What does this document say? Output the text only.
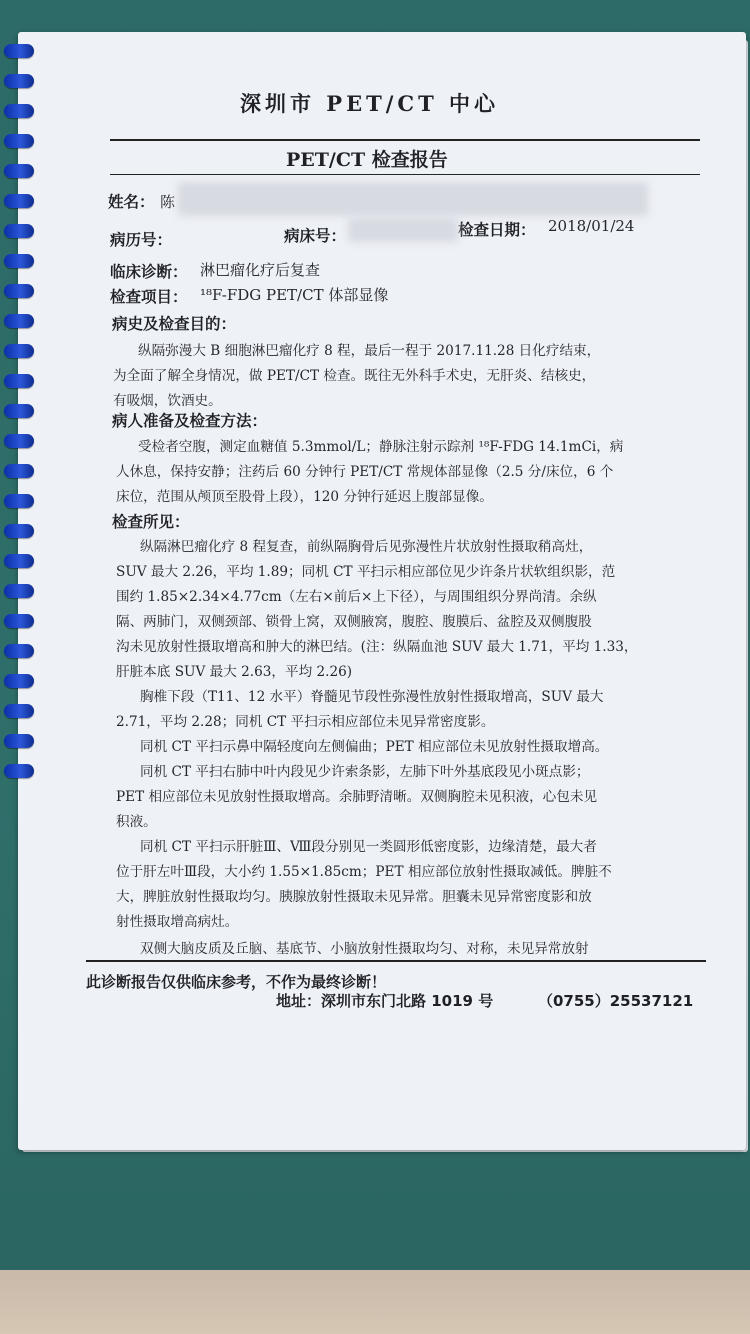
深圳市 PET/CT 中心
PET/CT 检查报告
姓名： 陈
病历号：	病床号：	检查日期： 2018/01/24
临床诊断： 淋巴瘤化疗后复查
检查项目： ¹⁸F-FDG PET/CT 体部显像
病史及检查目的：
纵隔弥漫大 B 细胞淋巴瘤化疗 8 程，最后一程于 2017.11.28 日化疗结束，
为全面了解全身情况，做 PET/CT 检查。既往无外科手术史，无肝炎、结核史，
有吸烟，饮酒史。
病人准备及检查方法：
受检者空腹，测定血糖值 5.3mmol/L；静脉注射示踪剂 ¹⁸F-FDG 14.1mCi，病
人休息，保持安静；注药后 60 分钟行 PET/CT 常规体部显像（2.5 分/床位，6 个
床位，范围从颅顶至股骨上段），120 分钟行延迟上腹部显像。
检查所见：
纵隔淋巴瘤化疗 8 程复查，前纵隔胸骨后见弥漫性片状放射性摄取稍高灶，
SUV 最大 2.26，平均 1.89；同机 CT 平扫示相应部位见少许条片状软组织影，范
围约 1.85×2.34×4.77cm（左右×前后×上下径），与周围组织分界尚清。余纵
隔、两肺门，双侧颈部、锁骨上窝，双侧腋窝，腹腔、腹膜后、盆腔及双侧腹股
沟未见放射性摄取增高和肿大的淋巴结。(注：纵隔血池 SUV 最大 1.71，平均 1.33，
肝脏本底 SUV 最大 2.63，平均 2.26)
胸椎下段（T11、12 水平）脊髓见节段性弥漫性放射性摄取增高，SUV 最大
2.71，平均 2.28；同机 CT 平扫示相应部位未见异常密度影。
同机 CT 平扫示鼻中隔轻度向左侧偏曲；PET 相应部位未见放射性摄取增高。
同机 CT 平扫右肺中叶内段见少许索条影，左肺下叶外基底段见小斑点影；
PET 相应部位未见放射性摄取增高。余肺野清晰。双侧胸腔未见积液，心包未见
积液。
同机 CT 平扫示肝脏Ⅲ、Ⅷ段分别见一类圆形低密度影，边缘清楚，最大者
位于肝左叶Ⅲ段，大小约 1.55×1.85cm；PET 相应部位放射性摄取减低。脾脏不
大，脾脏放射性摄取均匀。胰腺放射性摄取未见异常。胆囊未见异常密度影和放
射性摄取增高病灶。
双侧大脑皮质及丘脑、基底节、小脑放射性摄取均匀、对称，未见异常放射
此诊断报告仅供临床参考，不作为最终诊断！
地址：深圳市东门北路 1019 号	（0755）25537121
